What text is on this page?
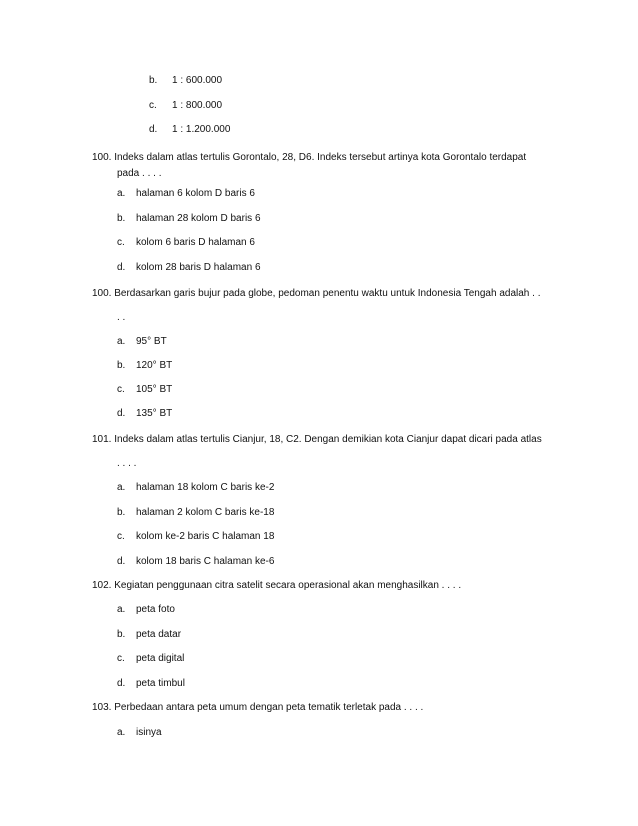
b. 1 : 600.000
c. 1 : 800.000
d. 1 : 1.200.000
100. Indeks dalam atlas tertulis Gorontalo, 28, D6. Indeks tersebut artinya kota Gorontalo terdapat
pada . . . .
a. halaman 6 kolom D baris 6
b. halaman 28 kolom D baris 6
c. kolom 6 baris D halaman 6
d. kolom 28 baris D halaman 6
100. Berdasarkan garis bujur pada globe, pedoman penentu waktu untuk Indonesia Tengah adalah . .
. .
a. 95° BT
b. 120° BT
c. 105° BT
d. 135° BT
101. Indeks dalam atlas tertulis Cianjur, 18, C2. Dengan demikian kota Cianjur dapat dicari pada atlas
. . . .
a. halaman 18 kolom C baris ke-2
b. halaman 2 kolom C baris ke-18
c. kolom ke-2 baris C halaman 18
d. kolom 18 baris C halaman ke-6
102. Kegiatan penggunaan citra satelit secara operasional akan menghasilkan . . . .
a. peta foto
b. peta datar
c. peta digital
d. peta timbul
103. Perbedaan antara peta umum dengan peta tematik terletak pada . . . .
a. isinya
